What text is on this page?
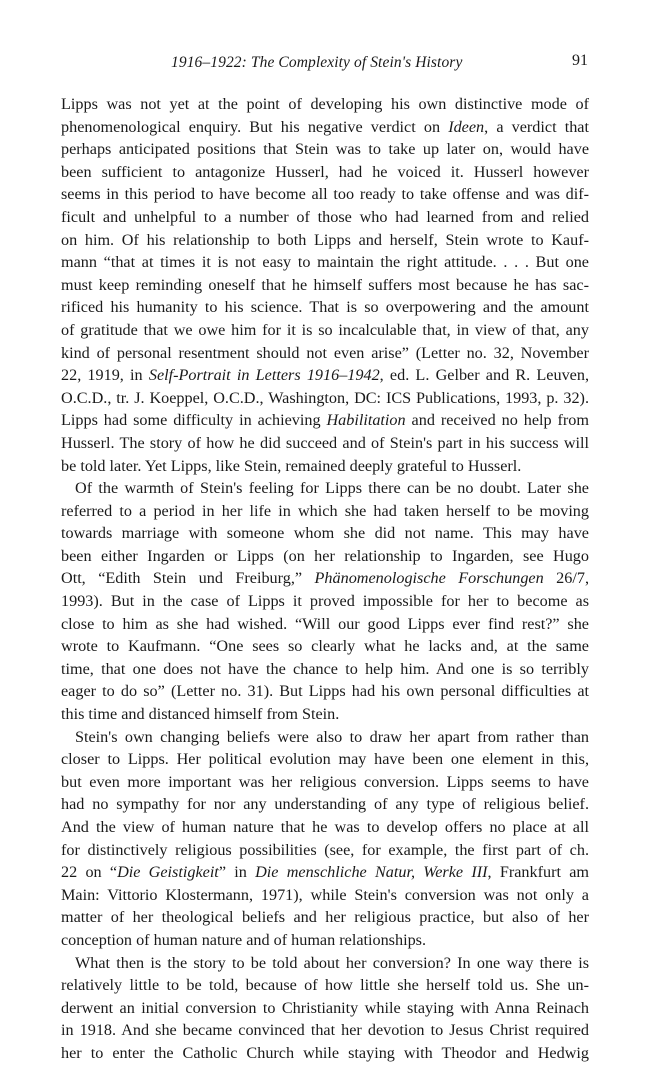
1916–1922: The Complexity of Stein's History	91
Lipps was not yet at the point of developing his own distinctive mode of
phenomenological enquiry. But his negative verdict on Ideen, a verdict that
perhaps anticipated positions that Stein was to take up later on, would have
been sufficient to antagonize Husserl, had he voiced it. Husserl however
seems in this period to have become all too ready to take offense and was dif-
ficult and unhelpful to a number of those who had learned from and relied
on him. Of his relationship to both Lipps and herself, Stein wrote to Kauf-
mann “that at times it is not easy to maintain the right attitude. . . . But one
must keep reminding oneself that he himself suffers most because he has sac-
rificed his humanity to his science. That is so overpowering and the amount
of gratitude that we owe him for it is so incalculable that, in view of that, any
kind of personal resentment should not even arise” (Letter no. 32, November
22, 1919, in Self-Portrait in Letters 1916–1942, ed. L. Gelber and R. Leuven,
O.C.D., tr. J. Koeppel, O.C.D., Washington, DC: ICS Publications, 1993, p. 32).
Lipps had some difficulty in achieving Habilitation and received no help from
Husserl. The story of how he did succeed and of Stein's part in his success will
be told later. Yet Lipps, like Stein, remained deeply grateful to Husserl.
Of the warmth of Stein's feeling for Lipps there can be no doubt. Later she
referred to a period in her life in which she had taken herself to be moving
towards marriage with someone whom she did not name. This may have
been either Ingarden or Lipps (on her relationship to Ingarden, see Hugo
Ott, “Edith Stein und Freiburg,” Phänomenologische Forschungen 26/7,
1993). But in the case of Lipps it proved impossible for her to become as
close to him as she had wished. “Will our good Lipps ever find rest?” she
wrote to Kaufmann. “One sees so clearly what he lacks and, at the same
time, that one does not have the chance to help him. And one is so terribly
eager to do so” (Letter no. 31). But Lipps had his own personal difficulties at
this time and distanced himself from Stein.
Stein's own changing beliefs were also to draw her apart from rather than
closer to Lipps. Her political evolution may have been one element in this,
but even more important was her religious conversion. Lipps seems to have
had no sympathy for nor any understanding of any type of religious belief.
And the view of human nature that he was to develop offers no place at all
for distinctively religious possibilities (see, for example, the first part of ch.
22 on “Die Geistigkeit” in Die menschliche Natur, Werke III, Frankfurt am
Main: Vittorio Klostermann, 1971), while Stein's conversion was not only a
matter of her theological beliefs and her religious practice, but also of her
conception of human nature and of human relationships.
What then is the story to be told about her conversion? In one way there is
relatively little to be told, because of how little she herself told us. She un-
derwent an initial conversion to Christianity while staying with Anna Reinach
in 1918. And she became convinced that her devotion to Jesus Christ required
her to enter the Catholic Church while staying with Theodor and Hedwig
